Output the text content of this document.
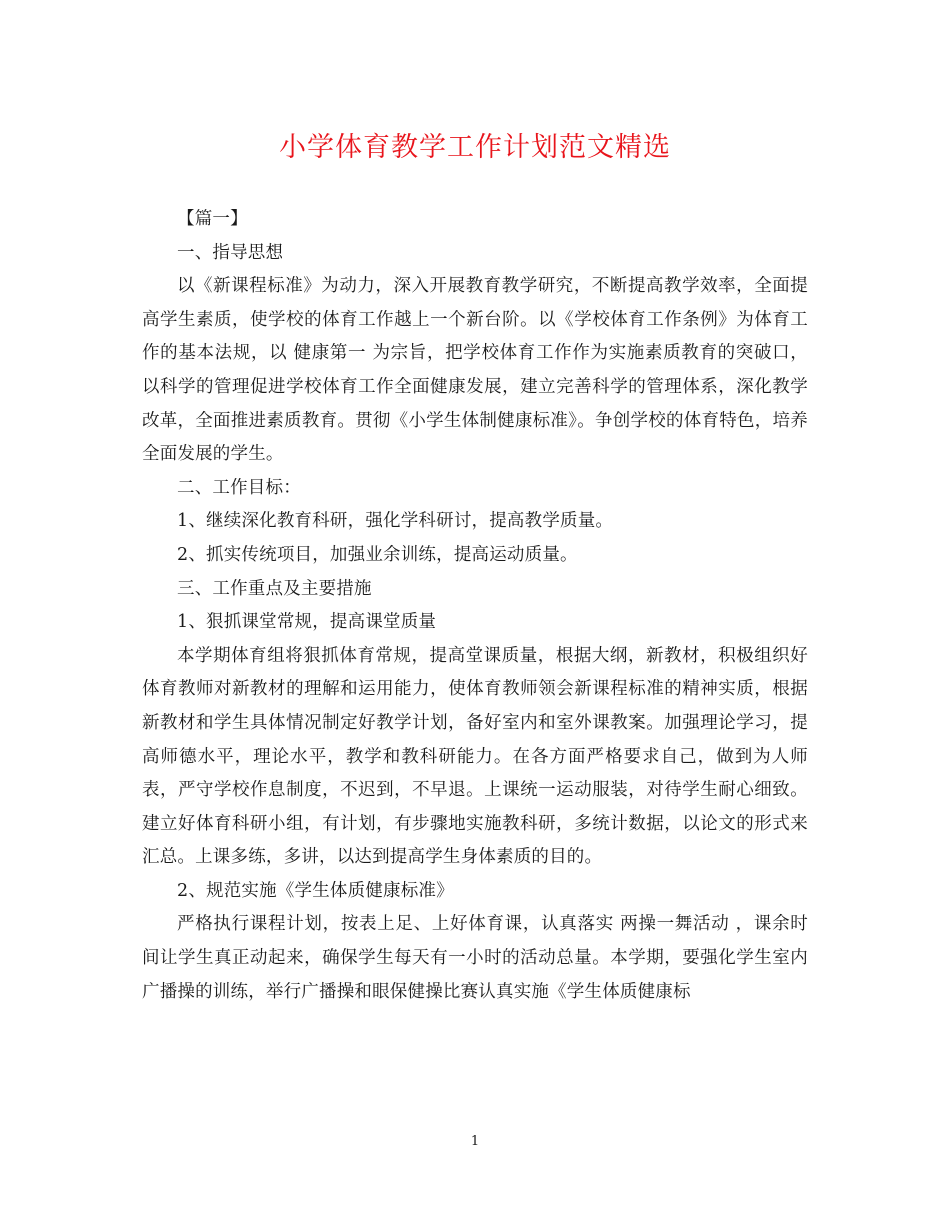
小学体育教学工作计划范文精选

【篇一】

一、指导思想

以《新课程标准》为动力，深入开展教育教学研究，不断提高教学效率，全面提高学生素质，使学校的体育工作越上一个新台阶。以《学校体育工作条例》为体育工作的基本法规，以 健康第一 为宗旨，把学校体育工作作为实施素质教育的突破口，以科学的管理促进学校体育工作全面健康发展，建立完善科学的管理体系，深化教学改革，全面推进素质教育。贯彻《小学生体制健康标准》。争创学校的体育特色，培养全面发展的学生。

二、工作目标：

1、继续深化教育科研，强化学科研讨，提高教学质量。

2、抓实传统项目，加强业余训练，提高运动质量。

三、工作重点及主要措施

1、狠抓课堂常规，提高课堂质量

本学期体育组将狠抓体育常规，提高堂课质量，根据大纲，新教材，积极组织好体育教师对新教材的理解和运用能力，使体育教师领会新课程标准的精神实质，根据新教材和学生具体情况制定好教学计划，备好室内和室外课教案。加强理论学习，提高师德水平，理论水平，教学和教科研能力。在各方面严格要求自己，做到为人师表，严守学校作息制度，不迟到，不早退。上课统一运动服装，对待学生耐心细致。建立好体育科研小组，有计划，有步骤地实施教科研，多统计数据，以论文的形式来汇总。上课多练，多讲，以达到提高学生身体素质的目的。

2、规范实施《学生体质健康标准》

严格执行课程计划，按表上足、上好体育课，认真落实 两操一舞活动 ，课余时间让学生真正动起来，确保学生每天有一小时的活动总量。本学期，要强化学生室内广播操的训练，举行广播操和眼保健操比赛认真实施《学生体质健康标

1
